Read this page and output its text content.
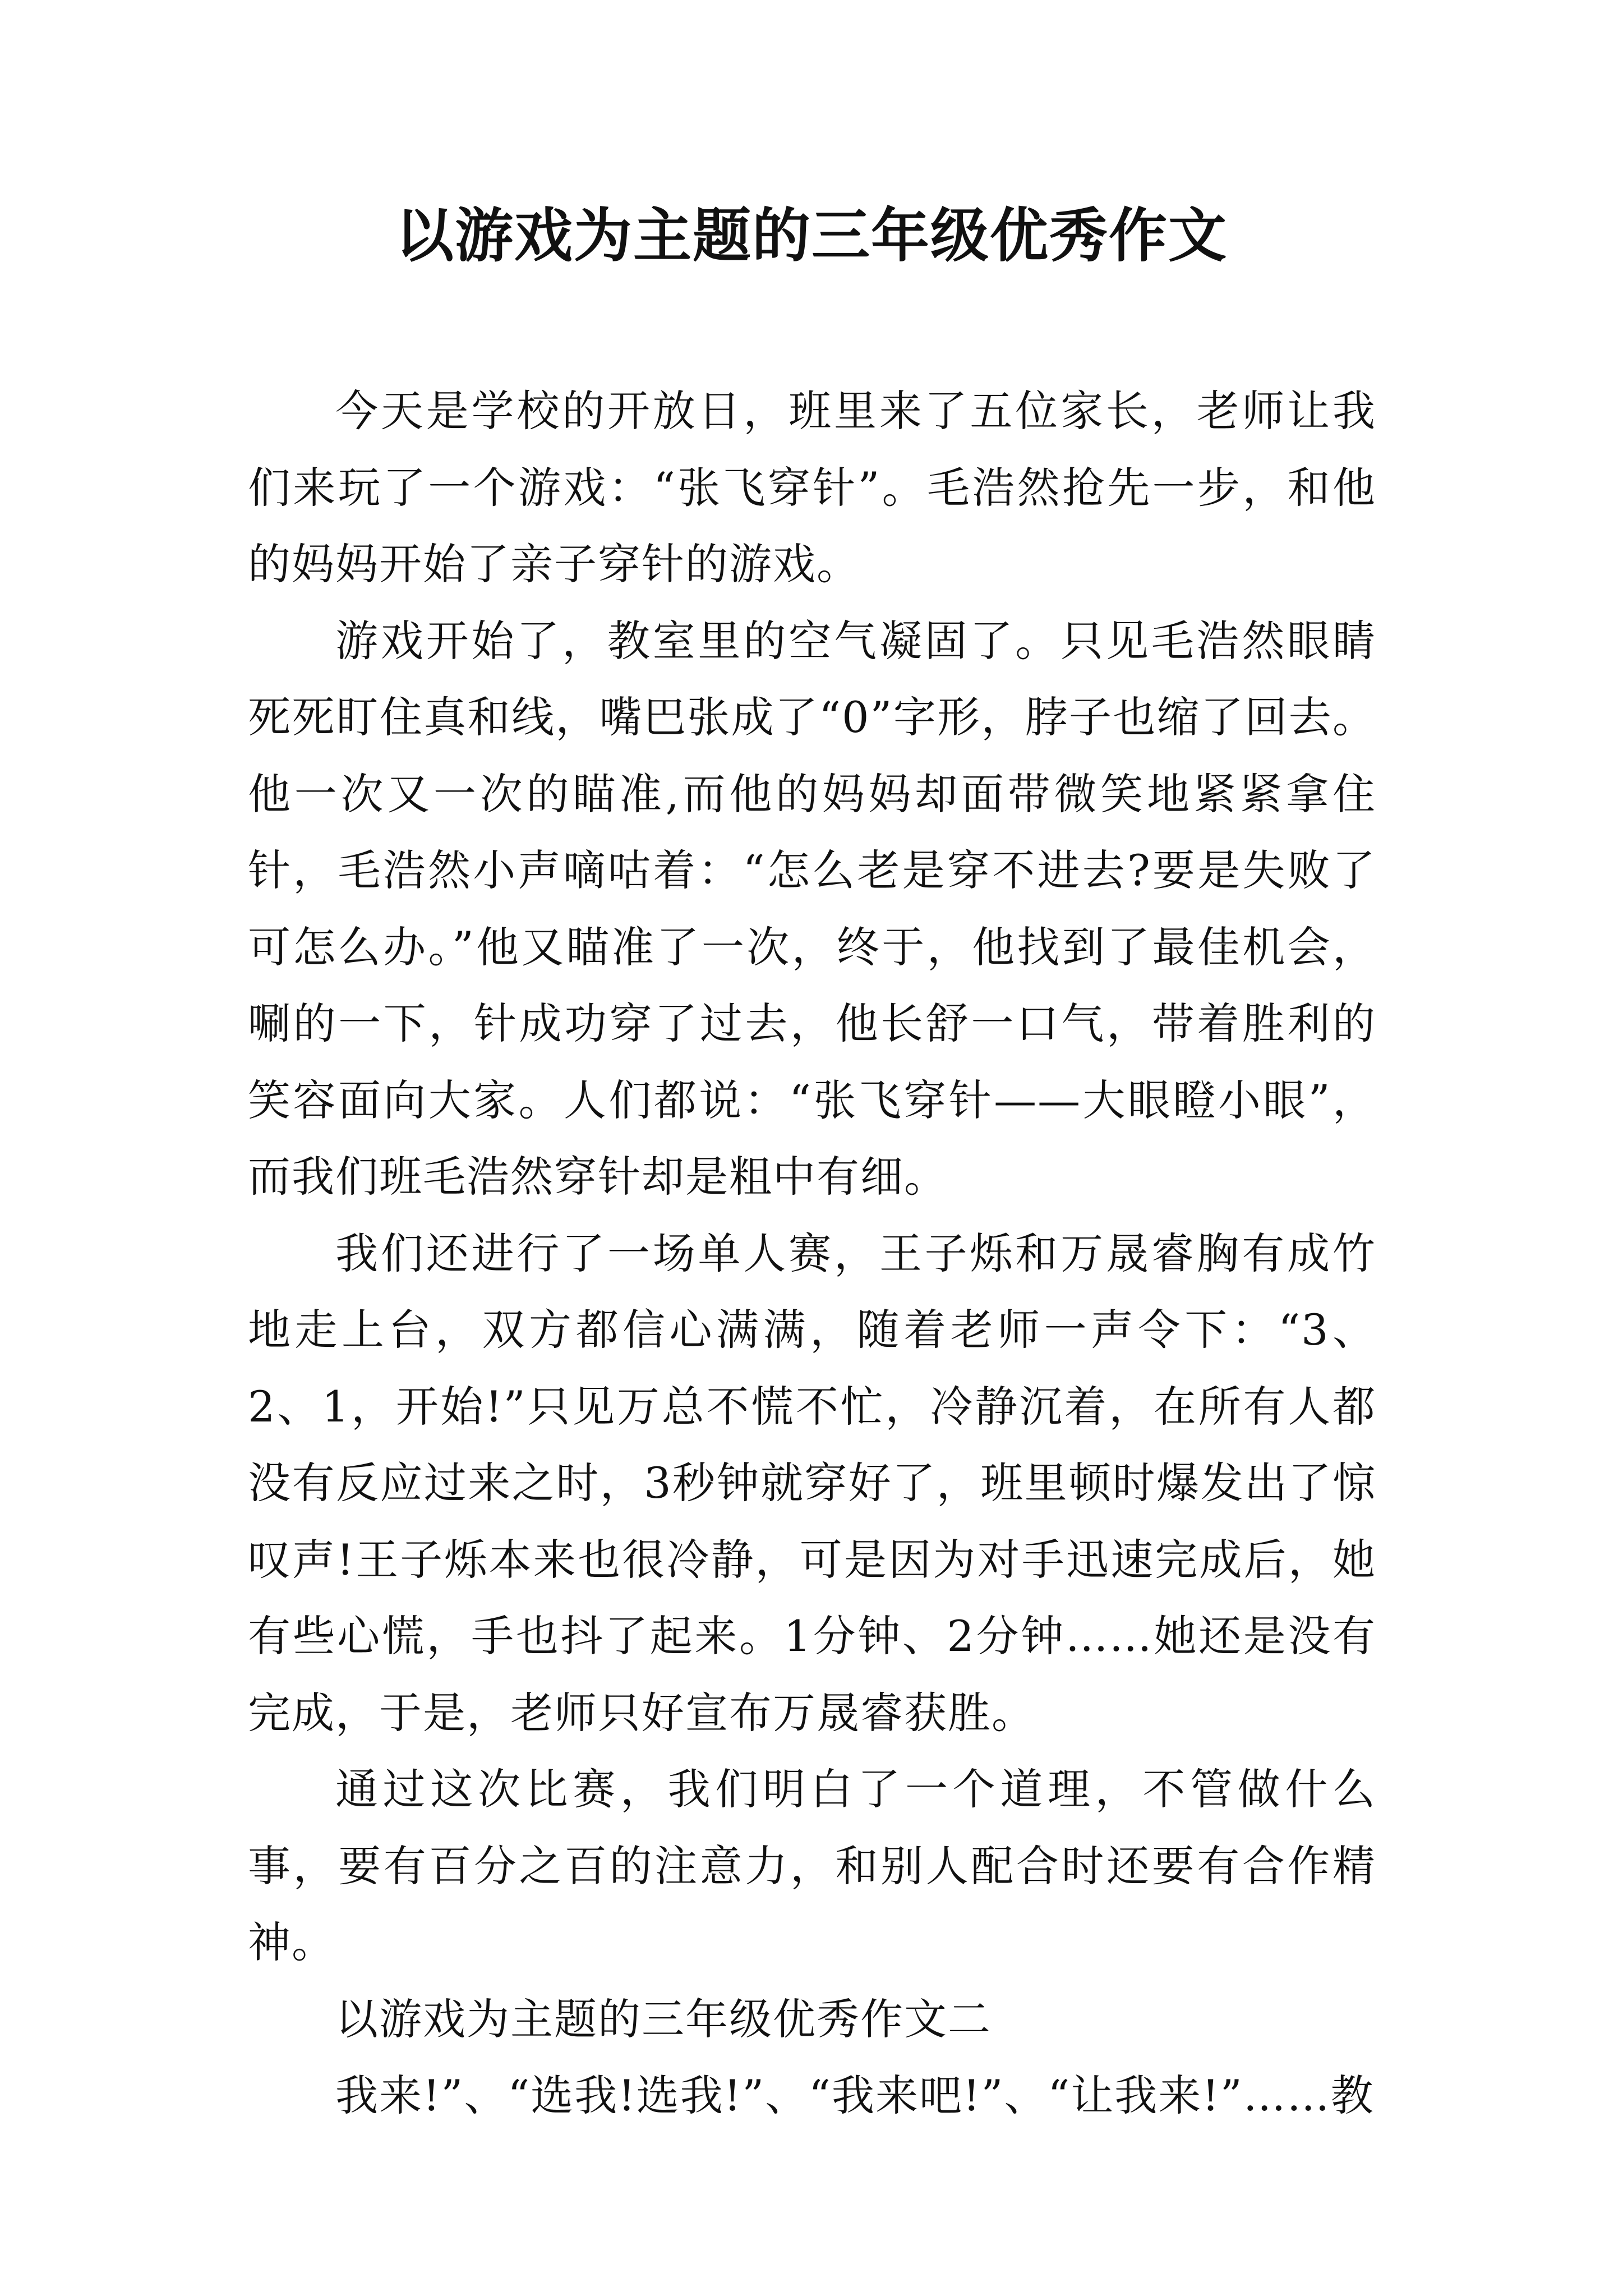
以游戏为主题的三年级优秀作文

今天是学校的开放日，班里来了五位家长，老师让我们来玩了一个游戏：“张飞穿针”。毛浩然抢先一步，和他的妈妈开始了亲子穿针的游戏。

游戏开始了，教室里的空气凝固了。只见毛浩然眼睛死死盯住真和线，嘴巴张成了“0”字形，脖子也缩了回去。他一次又一次的瞄准,而他的妈妈却面带微笑地紧紧拿住针，毛浩然小声嘀咕着：“怎么老是穿不进去?要是失败了可怎么办。”他又瞄准了一次，终于，他找到了最佳机会，唰的一下，针成功穿了过去，他长舒一口气，带着胜利的笑容面向大家。人们都说：“张飞穿针——大眼瞪小眼”，而我们班毛浩然穿针却是粗中有细。

我们还进行了一场单人赛，王子烁和万晟睿胸有成竹地走上台，双方都信心满满，随着老师一声令下：“3、2、1，开始!”只见万总不慌不忙，冷静沉着，在所有人都没有反应过来之时，3秒钟就穿好了，班里顿时爆发出了惊叹声!王子烁本来也很冷静，可是因为对手迅速完成后，她有些心慌，手也抖了起来。1分钟、2分钟……她还是没有完成，于是，老师只好宣布万晟睿获胜。

通过这次比赛，我们明白了一个道理，不管做什么事，要有百分之百的注意力，和别人配合时还要有合作精神。

以游戏为主题的三年级优秀作文二

我来!”、“选我!选我!”、“我来吧!”、“让我来!”……教
